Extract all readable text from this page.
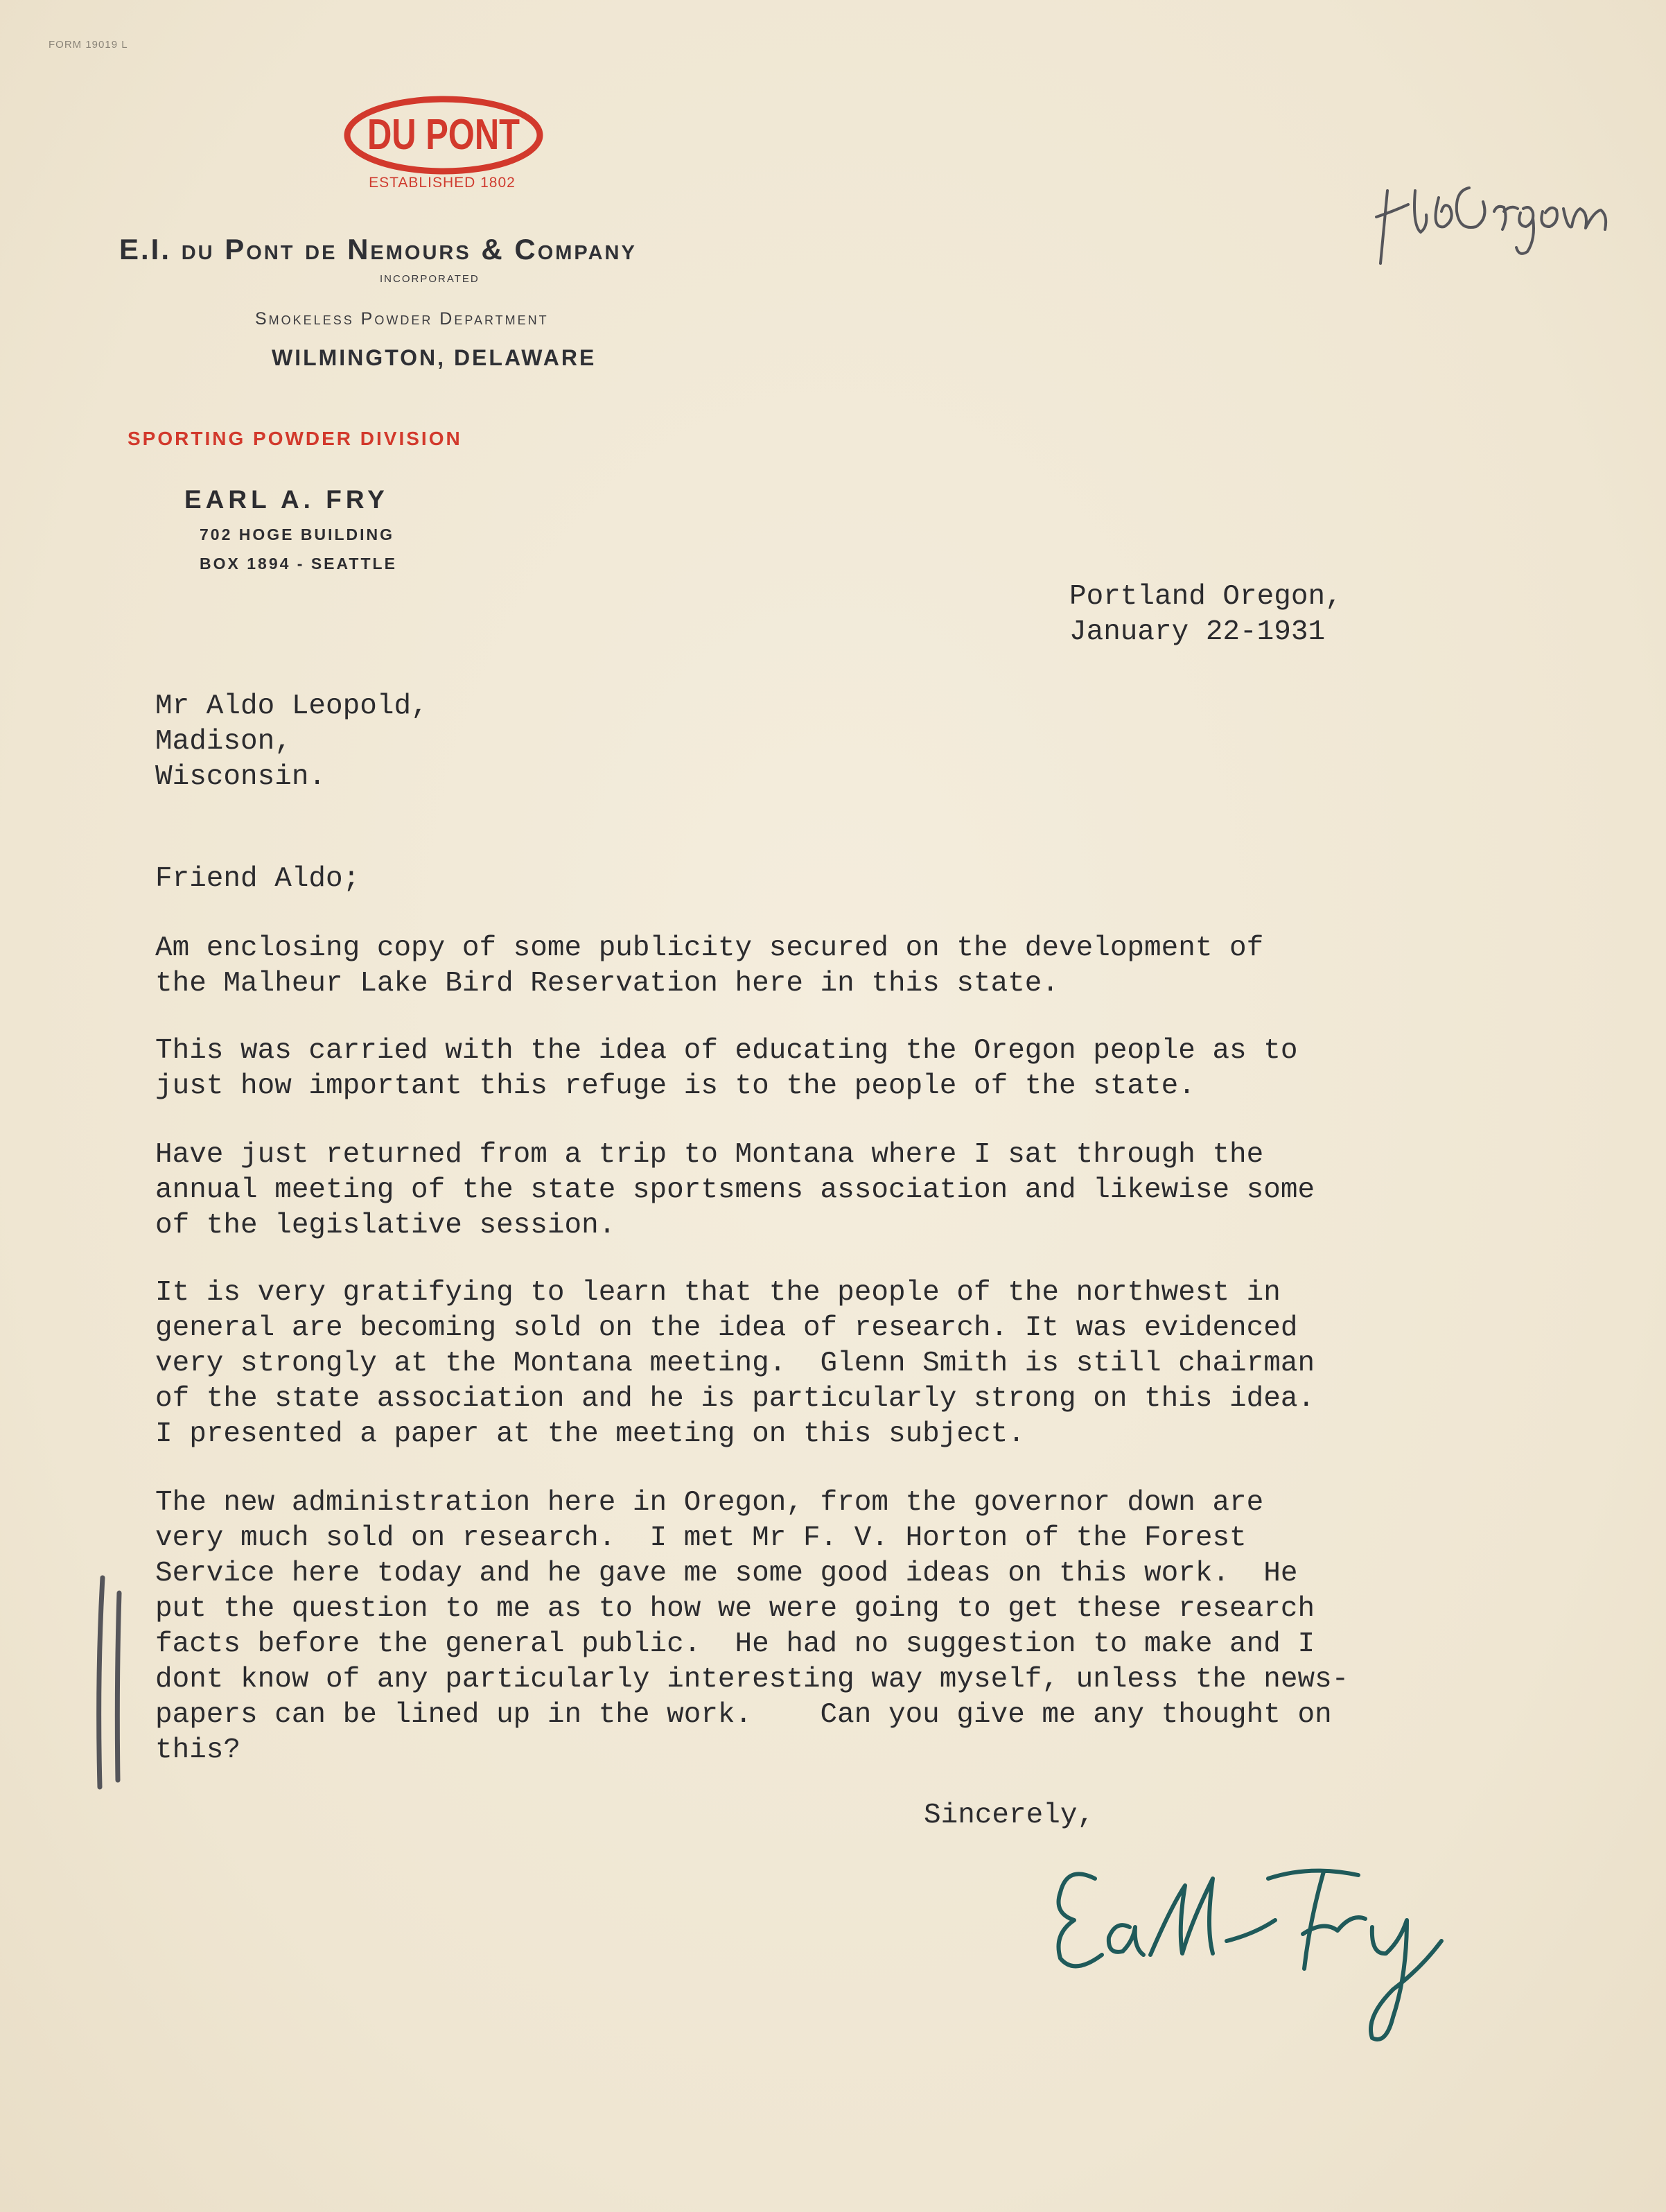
FORM 19019 L
DU PONT
ESTABLISHED 1802
E.I. du Pont de Nemours & Company
INCORPORATED
Smokeless Powder Department
WILMINGTON, DELAWARE
SPORTING POWDER DIVISION
EARL A. FRY
702 HOGE BUILDING
BOX 1894 - SEATTLE
Portland Oregon,
January 22-1931
Mr Aldo Leopold,
Madison,
Wisconsin.
Friend Aldo;
Am enclosing copy of some publicity secured on the development of
the Malheur Lake Bird Reservation here in this state.
This was carried with the idea of educating the Oregon people as to
just how important this refuge is to the people of the state.
Have just returned from a trip to Montana where I sat through the
annual meeting of the state sportsmens association and likewise some
of the legislative session.
It is very gratifying to learn that the people of the northwest in
general are becoming sold on the idea of research. It was evidenced
very strongly at the Montana meeting.  Glenn Smith is still chairman
of the state association and he is particularly strong on this idea.
I presented a paper at the meeting on this subject.
The new administration here in Oregon, from the governor down are
very much sold on research.  I met Mr F. V. Horton of the Forest
Service here today and he gave me some good ideas on this work.  He
put the question to me as to how we were going to get these research
facts before the general public.  He had no suggestion to make and I
dont know of any particularly interesting way myself, unless the news-
papers can be lined up in the work.    Can you give me any thought on
this?
Sincerely,
